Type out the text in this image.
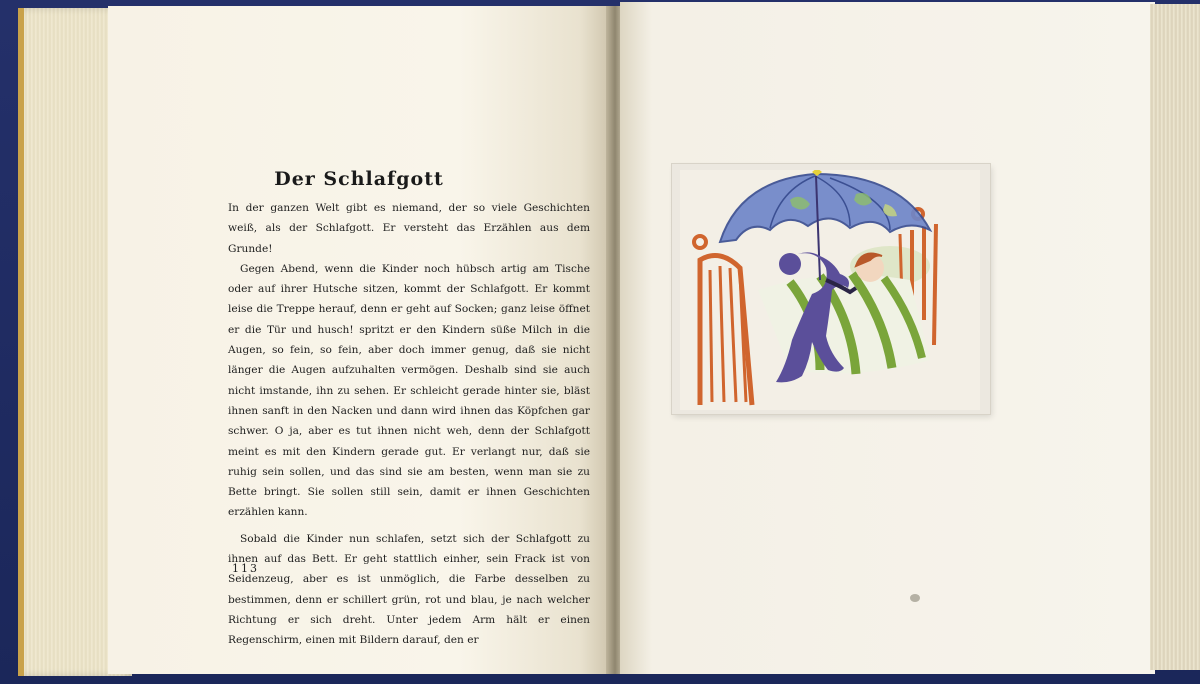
Der Schlafgott

In der ganzen Welt gibt es niemand, der so viele Geschichten weiß, als der Schlafgott. Er versteht das Erzählen aus dem Grunde!

Gegen Abend, wenn die Kinder noch hübsch artig am Tische oder auf ihrer Hutsche sitzen, kommt der Schlafgott. Er kommt leise die Treppe herauf, denn er geht auf Socken; ganz leise öffnet er die Tür und husch! spritzt er den Kindern süße Milch in die Augen, so fein, so fein, aber doch immer genug, daß sie nicht länger die Augen aufzuhalten vermögen. Deshalb sind sie auch nicht imstande, ihn zu sehen. Er schleicht gerade hinter sie, bläst ihnen sanft in den Nacken und dann wird ihnen das Köpfchen gar schwer. O ja, aber es tut ihnen nicht weh, denn der Schlafgott meint es mit den Kindern gerade gut. Er verlangt nur, daß sie ruhig sein sollen, und das sind sie am besten, wenn man sie zu Bette bringt. Sie sollen still sein, damit er ihnen Geschichten erzählen kann.

Sobald die Kinder nun schlafen, setzt sich der Schlafgott zu ihnen auf das Bett. Er geht stattlich einher, sein Frack ist von Seidenzeug, aber es ist unmöglich, die Farbe desselben zu bestimmen, denn er schillert grün, rot und blau, je nach welcher Richtung er sich dreht. Unter jedem Arm hält er einen Regenschirm, einen mit Bildern darauf, den er

113
